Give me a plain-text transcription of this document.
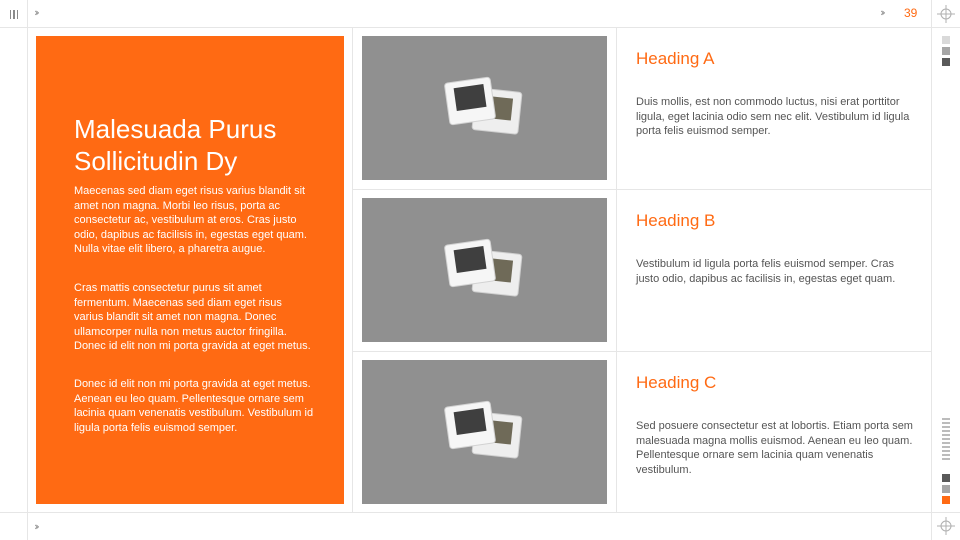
››	›› 39
››
Malesuada Purus
Sollicitudin Dy

Maecenas sed diam eget risus varius blandit sit amet non magna. Morbi leo risus, porta ac consectetur ac, vestibulum at eros. Cras justo odio, dapibus ac facilisis in, egestas eget quam. Nulla vitae elit libero, a pharetra augue.

Cras mattis consectetur purus sit amet fermentum. Maecenas sed diam eget risus varius blandit sit amet non magna. Donec ullamcorper nulla non metus auctor fringilla. Donec id elit non mi porta gravida at eget metus.

Donec id elit non mi porta gravida at eget metus. Aenean eu leo quam. Pellentesque ornare sem lacinia quam venenatis vestibulum. Vestibulum id ligula porta felis euismod semper.

Heading A

Duis mollis, est non commodo luctus, nisi erat porttitor ligula, eget lacinia odio sem nec elit. Vestibulum id ligula porta felis euismod semper.

Heading B

Vestibulum id ligula porta felis euismod semper. Cras justo odio, dapibus ac facilisis in, egestas eget quam.

Heading C

Sed posuere consectetur est at lobortis. Etiam porta sem malesuada magna mollis euismod. Aenean eu leo quam. Pellentesque ornare sem lacinia quam venenatis vestibulum.
